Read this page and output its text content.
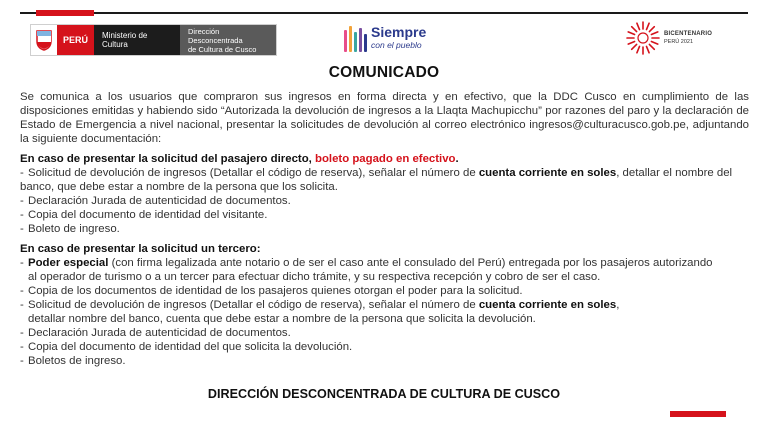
PERÚ	Ministerio de Cultura
Dirección Desconcentrada
de Cultura de Cusco
Siempre
con el pueblo
BICENTENARIO
PERÚ 2021
COMUNICADO

Se comunica a los usuarios que compraron sus ingresos en forma directa y en efectivo, que la DDC Cusco en cumplimiento de las disposiciones emitidas y habiendo sido “Autorizada la devolución de ingresos a la Llaqta Machupicchu” por razones del paro y la declaración de Estado de Emergencia a nivel nacional, presentar la solicitudes de devolución al correo electrónico ingresos@culturacusco.gob.pe, adjuntando la siguiente documentación:

En caso de presentar la solicitud del pasajero directo, boleto pagado en efectivo.

- Solicitud de devolución de ingresos (Detallar el código de reserva), señalar el número de cuenta corriente en soles, detallar el nombre del banco, que debe estar a nombre de la persona que los solicita.
- Declaración Jurada de autenticidad de documentos.
- Copia del documento de identidad del visitante.
- Boleto de ingreso.

En caso de presentar la solicitud un tercero:

- Poder especial (con firma legalizada ante notario o de ser el caso ante el consulado del Perú) entregada por los pasajeros autorizando
al operador de turismo o a un tercer para efectuar dicho trámite, y su respectiva recepción y cobro de ser el caso.
- Copia de los documentos de identidad de los pasajeros quienes otorgan el poder para la solicitud.
- Solicitud de devolución de ingresos (Detallar el código de reserva), señalar el número de cuenta corriente en soles,
detallar nombre del banco, cuenta que debe estar a nombre de la persona que solicita la devolución.
- Declaración Jurada de autenticidad de documentos.
- Copia del documento de identidad del que solicita la devolución.
- Boletos de ingreso.
DIRECCIÓN DESCONCENTRADA DE CULTURA DE CUSCO
